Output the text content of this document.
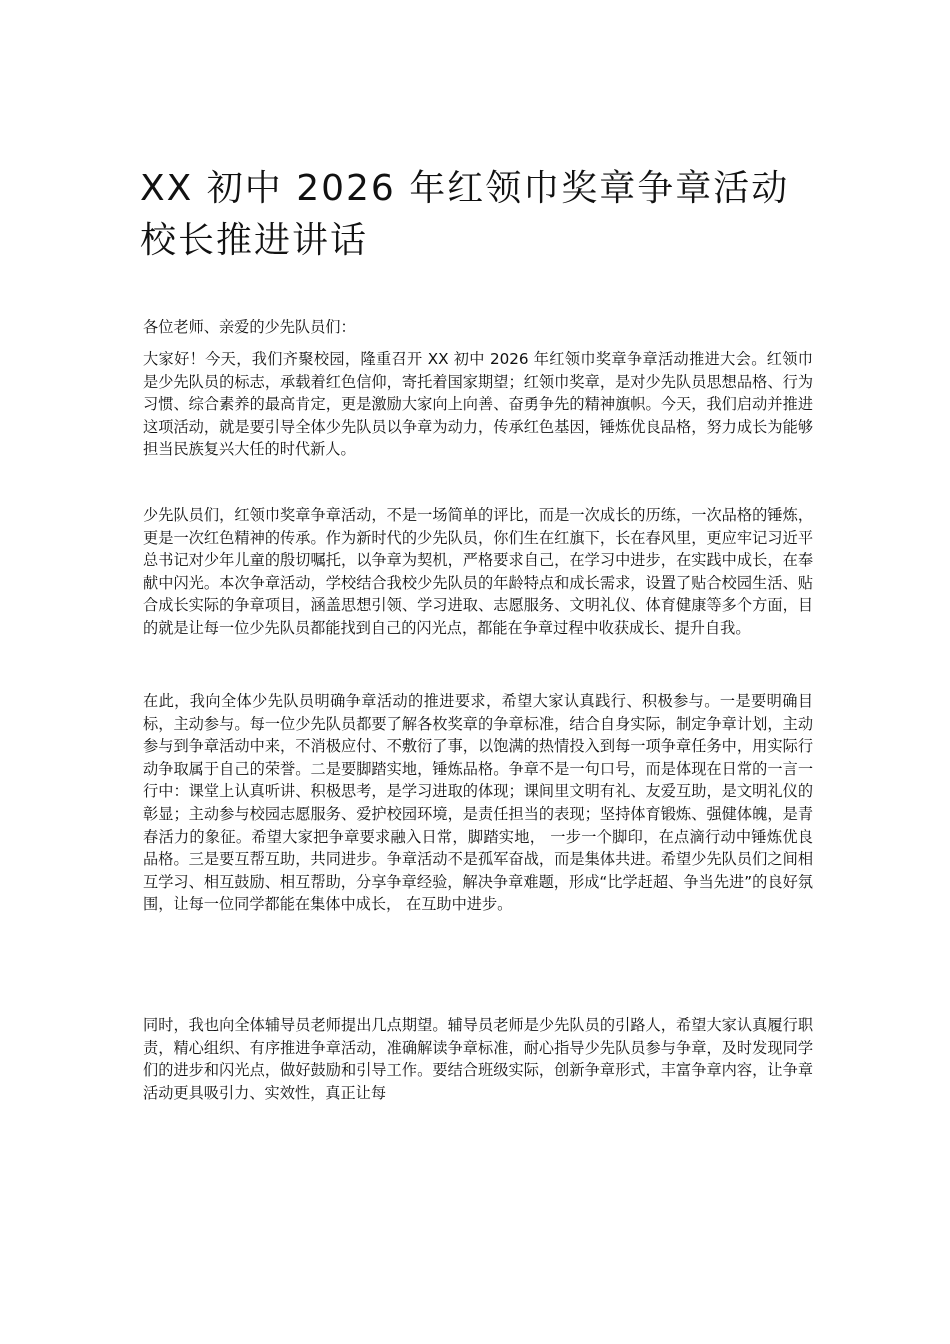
XX 初中 2026 年红领巾奖章争章活动校长推进讲话

各位老师、亲爱的少先队员们：

大家好！今天，我们齐聚校园，隆重召开 XX 初中 2026 年红领巾奖章争章活动推进大会。红领巾是少先队员的标志，承载着红色信仰，寄托着国家期望；红领巾奖章，是对少先队员思想品格、行为习惯、综合素养的最高肯定，更是激励大家向上向善、奋勇争先的精神旗帜。今天，我们启动并推进这项活动，就是要引导全体少先队员以争章为动力，传承红色基因，锤炼优良品格，努力成长为能够担当民族复兴大任的时代新人。

少先队员们，红领巾奖章争章活动，不是一场简单的评比，而是一次成长的历练，一次品格的锤炼，更是一次红色精神的传承。作为新时代的少先队员，你们生在红旗下，长在春风里，更应牢记习近平总书记对少年儿童的殷切嘱托，以争章为契机，严格要求自己，在学习中进步，在实践中成长，在奉献中闪光。本次争章活动，学校结合我校少先队员的年龄特点和成长需求，设置了贴合校园生活、贴合成长实际的争章项目，涵盖思想引领、学习进取、志愿服务、文明礼仪、体育健康等多个方面，目的就是让每一位少先队员都能找到自己的闪光点，都能在争章过程中收获成长、提升自我。

在此，我向全体少先队员明确争章活动的推进要求，希望大家认真践行、积极参与。一是要明确目标，主动参与。每一位少先队员都要了解各枚奖章的争章标准，结合自身实际，制定争章计划，主动参与到争章活动中来，不消极应付、不敷衍了事，以饱满的热情投入到每一项争章任务中，用实际行动争取属于自己的荣誉。二是要脚踏实地，锤炼品格。争章不是一句口号，而是体现在日常的一言一行中：课堂上认真听讲、积极思考，是学习进取的体现；课间里文明有礼、友爱互助，是文明礼仪的彰显；主动参与校园志愿服务、爱护校园环境，是责任担当的表现；坚持体育锻炼、强健体魄，是青春活力的象征。希望大家把争章要求融入日常，脚踏实地， 一步一个脚印，在点滴行动中锤炼优良品格。三是要互帮互助，共同进步。争章活动不是孤军奋战，而是集体共进。希望少先队员们之间相互学习、相互鼓励、相互帮助，分享争章经验，解决争章难题，形成“比学赶超、争当先进”的良好氛围，让每一位同学都能在集体中成长， 在互助中进步。

同时，我也向全体辅导员老师提出几点期望。辅导员老师是少先队员的引路人，希望大家认真履行职责，精心组织、有序推进争章活动，准确解读争章标准，耐心指导少先队员参与争章，及时发现同学们的进步和闪光点，做好鼓励和引导工作。要结合班级实际，创新争章形式，丰富争章内容，让争章活动更具吸引力、实效性，真正让每
